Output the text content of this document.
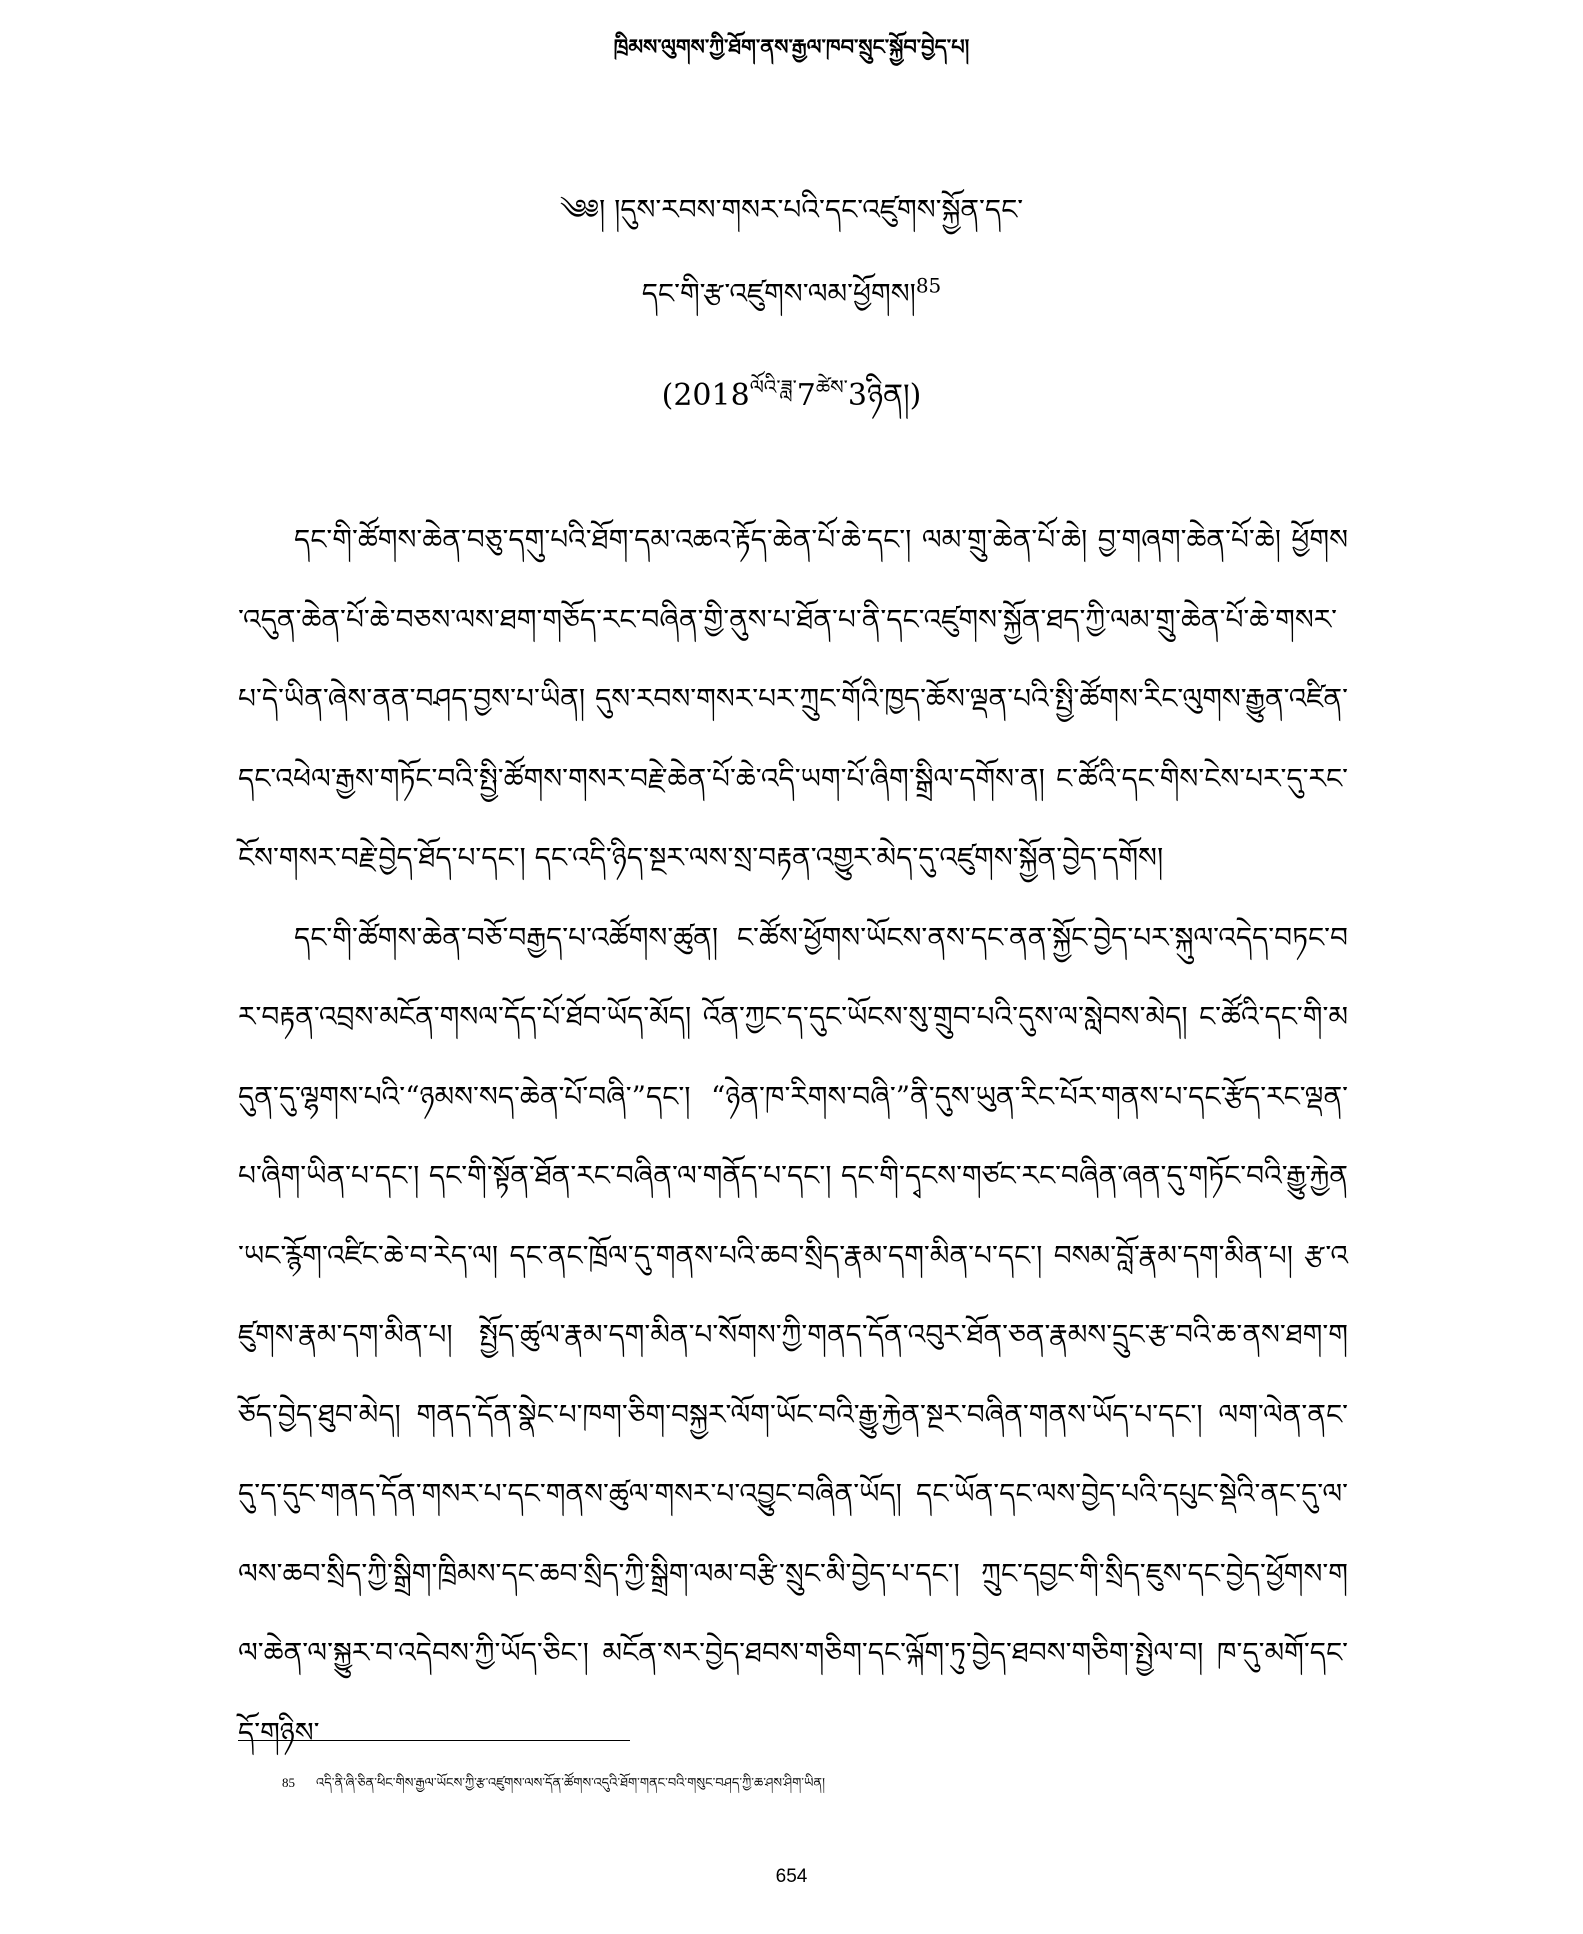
ཁྲིམས་ལུགས་ཀྱི་ཐོག་ནས་རྒྱལ་ཁབ་སྲུང་སྐྱོབ་བྱེད་པ།
༄༅། །དུས་རབས་གསར་པའི་དང་འཛུགས་སྐྱོན་དང་
དང་གི་རྩ་འཛུགས་ལམ་ཕྱོགས།$^{85}$
$(2018^{ལོའི་ཟླ་}7^{ཚེས་}3ཉིན།)$

དང་གི་ཚོགས་ཆེན་བཅུ་དགུ་པའི་ཐོག་དམ་འཆའ་རྟོད་ཆེན་པོ་ཆེ་དང་། ལམ་གྲུ་ཆེན་པོ་ཆེ། བྱ་གཞག་ཆེན་པོ་ཆེ། ཕྱོགས་འདུན་ཆེན་པོ་ཆེ་བཅས་ལས་ཐག་གཅོད་རང་བཞིན་གྱི་ནུས་པ་ཐོན་པ་ནི་དང་འཛུགས་སྐྱོན་ཐད་ཀྱི་ལམ་གྲུ་ཆེན་པོ་ཆེ་གསར་པ་དེ་ཡིན་ཞེས་ནན་བཤད་བྱས་པ་ཡིན། དུས་རབས་གསར་པར་ཀྲུང་གོའི་ཁྱད་ཆོས་ལྡན་པའི་སྤྱི་ཚོགས་རིང་ལུགས་རྒྱུན་འཛིན་དང་འཕེལ་རྒྱས་གཏོང་བའི་སྤྱི་ཚོགས་གསར་བརྗེ་ཆེན་པོ་ཆེ་འདི་ཡག་པོ་ཞིག་སྒྲིལ་དགོས་ན། ང་ཚོའི་དང་གིས་ངེས་པར་དུ་རང་ངོས་གསར་བརྗེ་བྱེད་ཐོད་པ་དང་། དང་འདི་ཉིད་སྔར་ལས་སྲ་བརྟན་འགྱུར་མེད་དུ་འཛུགས་སྐྱོན་བྱེད་དགོས།

དང་གི་ཚོགས་ཆེན་བཅོ་བརྒྱད་པ་འཚོགས་ཚུན། ང་ཚོས་ཕྱོགས་ཡོངས་ནས་དང་ནན་སྐྱོང་བྱེད་པར་སྐུལ་འདེད་བཏང་བར་བརྟན་འབྲས་མངོན་གསལ་དོད་པོ་ཐོབ་ཡོད་མོད། འོན་ཀྱང་ད་དུང་ཡོངས་སུ་གྲུབ་པའི་དུས་ལ་སླེབས་མེད། ང་ཚོའི་དང་གི་མདུན་དུ་ལྷགས་པའི་“ཉམས་སད་ཆེན་པོ་བཞི་”དང་། “ཉེན་ཁ་རིགས་བཞི་”ནི་དུས་ཡུན་རིང་པོར་གནས་པ་དང་རྩོད་རང་ལྡན་པ་ཞིག་ཡིན་པ་དང་། དང་གི་སྟོན་ཐོན་རང་བཞིན་ལ་གནོད་པ་དང་། དང་གི་དྭངས་གཙང་རང་བཞིན་ཞན་དུ་གཏོང་བའི་རྒྱུ་རྐྱེན་ཡང་རྙོག་འཛིང་ཆེ་བ་རེད་ལ། དང་ནང་ཁྲོལ་དུ་གནས་པའི་ཆབ་སྲིད་རྣམ་དག་མིན་པ་དང་། བསམ་བློ་རྣམ་དག་མིན་པ། རྩ་འཛུགས་རྣམ་དག་མིན་པ། སྤྱོད་ཚུལ་རྣམ་དག་མིན་པ་སོགས་ཀྱི་གནད་དོན་འབུར་ཐོན་ཅན་རྣམས་དྲུང་རྩ་བའི་ཆ་ནས་ཐག་གཅོད་བྱེད་ཐུབ་མེད། གནད་དོན་སྣེང་པ་ཁག་ཅིག་བསྐྱར་ལོག་ཡོང་བའི་རྒྱུ་རྐྱེན་སྔར་བཞིན་གནས་ཡོད་པ་དང་། ལག་ལེན་ནང་དུ་ད་དུང་གནད་དོན་གསར་པ་དང་གནས་ཚུལ་གསར་པ་འབྱུང་བཞིན་ཡོད། དང་ཡོན་དང་ལས་བྱེད་པའི་དཔུང་སྡེའི་ནང་དུ་ལ་ལས་ཆབ་སྲིད་ཀྱི་སྒྲིག་ཁྲིམས་དང་ཆབ་སྲིད་ཀྱི་སྒྲིག་ལམ་བརྩི་སྲུང་མི་བྱེད་པ་དང་། ཀྲུང་དབྱང་གི་སྲིད་ཇུས་དང་བྱེད་ཕྱོགས་གལ་ཆེན་ལ་སྐྱུར་བ་འདེབས་ཀྱི་ཡོད་ཅིང་། མངོན་སར་བྱེད་ཐབས་གཅིག་དང་ལྐོག་ཏུ་བྱེད་ཐབས་གཅིག་སྤྱེལ་བ། ཁ་དུ་མགོ་དང་དོ་གཉིས་

85 འདི་ནི་ཞི་ཅིན་ཕིང་གིས་རྒྱལ་ཡོངས་ཀྱི་རྩ་འཛུགས་ལས་དོན་ཚོགས་འདུའི་ཐོག་གནང་བའི་གསུང་བཤད་ཀྱི་ཆ་ཤས་ཤིག་ཡིན།
654
